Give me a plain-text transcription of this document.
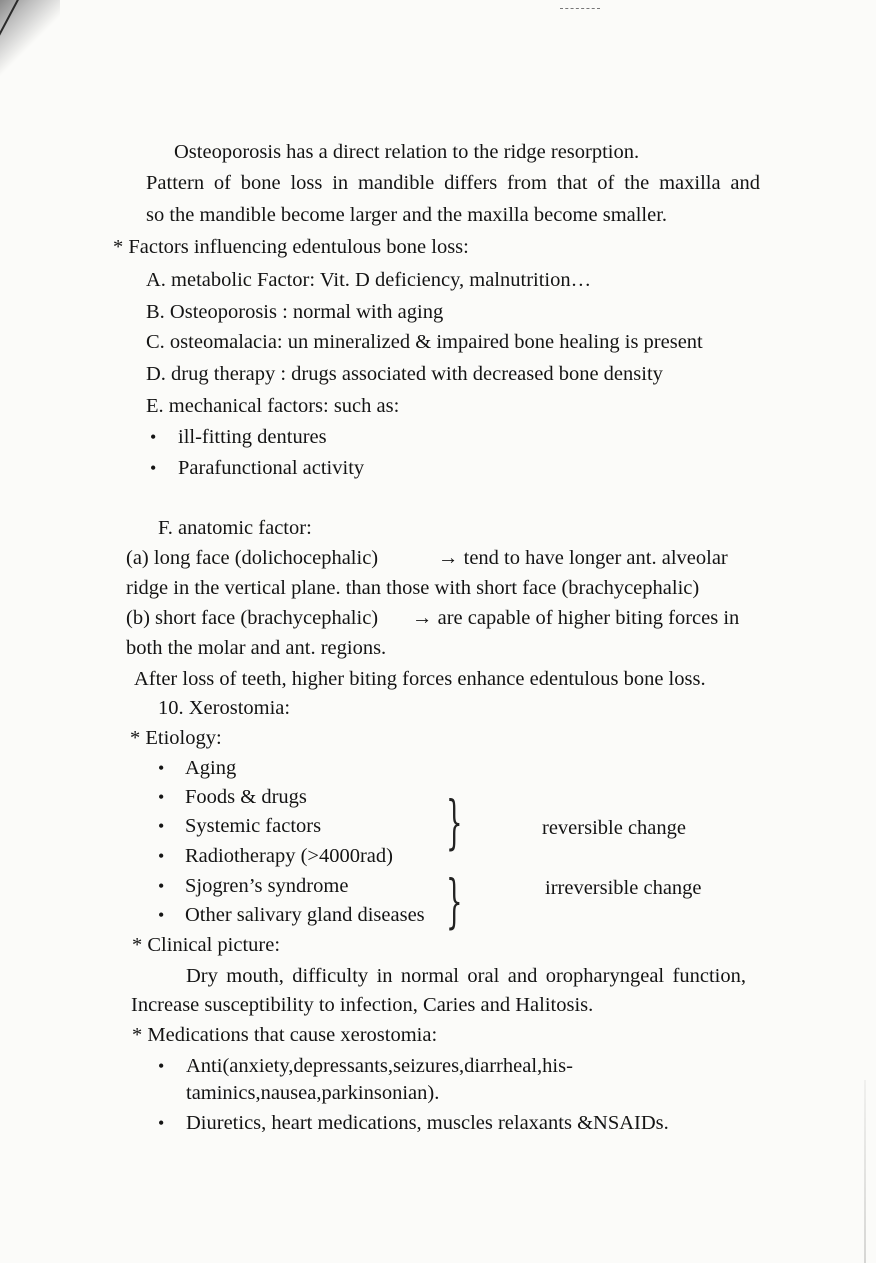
Osteoporosis has a direct relation to the ridge resorption.
Pattern of bone loss in mandible differs from that of the maxilla and
so the mandible become larger and the maxilla become smaller.
* Factors influencing edentulous bone loss:
A. metabolic Factor: Vit. D deficiency, malnutrition…
B. Osteoporosis : normal with aging
C. osteomalacia: un mineralized & impaired bone healing is present
D. drug therapy : drugs associated with decreased bone density
E. mechanical factors: such as:
• ill-fitting dentures
• Parafunctional activity
F. anatomic factor:
(a) long face (dolichocephalic)	→ tend to have longer ant. alveolar
ridge in the vertical plane. than those with short face (brachycephalic)
(b) short face (brachycephalic) → are capable of higher biting forces in
both the molar and ant. regions.
After loss of teeth, higher biting forces enhance edentulous bone loss.
10. Xerostomia:
* Etiology:
• Aging
• Foods & drugs
• Systemic factors
• Radiotherapy (>4000rad)
• Sjogren’s syndrome
• Other salivary gland diseases
}
}
reversible change
irreversible change
* Clinical picture:
Dry mouth, difficulty in normal oral and oropharyngeal function,
Increase susceptibility to infection, Caries and Halitosis.
* Medications that cause xerostomia:
• Anti(anxiety,depressants,seizures,diarrheal,his-
taminics,nausea,parkinsonian).
• Diuretics, heart medications, muscles relaxants &NSAIDs.
